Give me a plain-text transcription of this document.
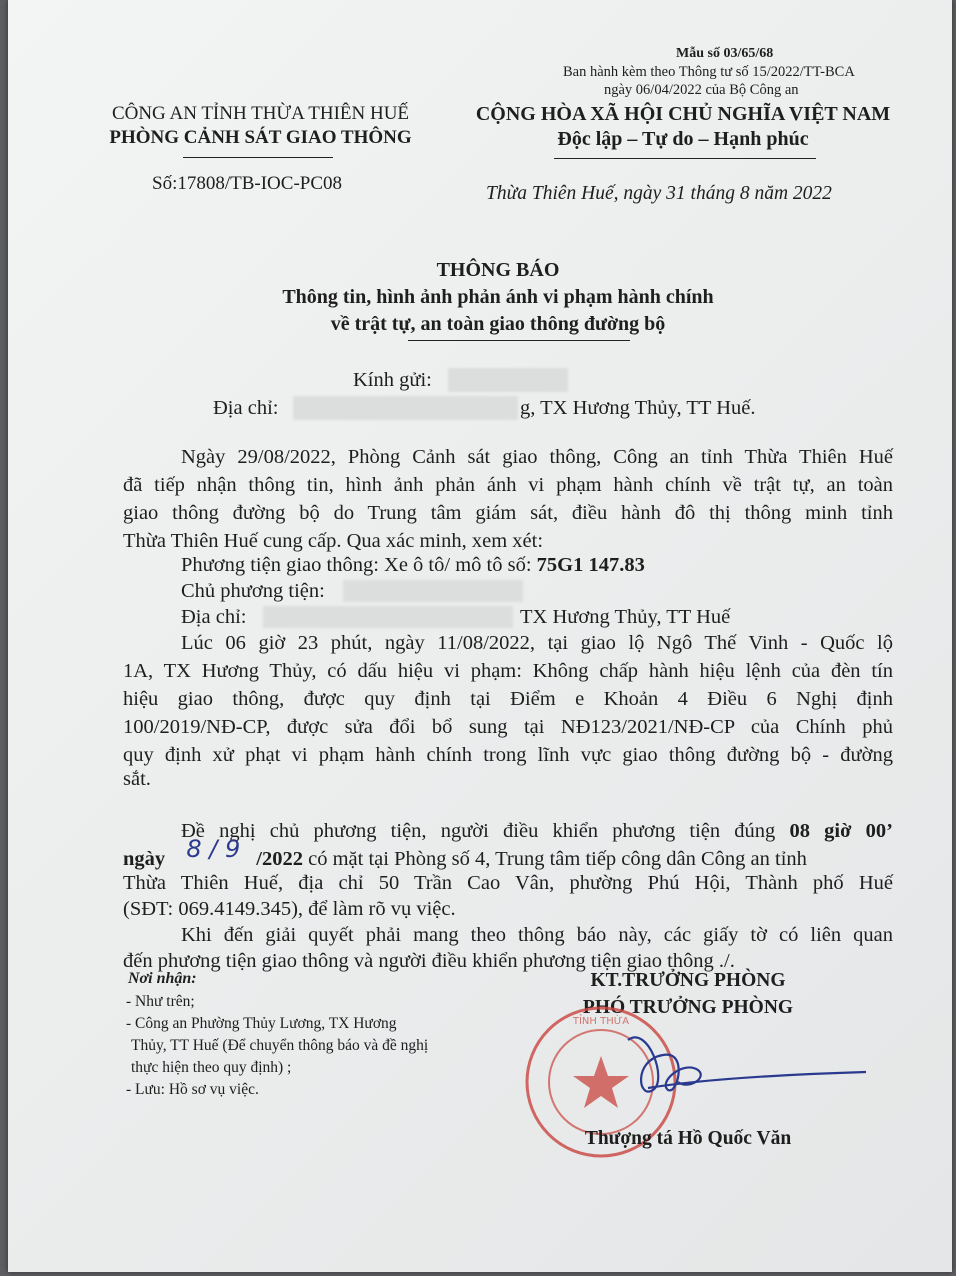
Mẫu số 03/65/68
Ban hành kèm theo Thông tư số 15/2022/TT-BCA
ngày 06/04/2022 của Bộ Công an
CÔNG AN TỈNH THỪA THIÊN HUẾ
PHÒNG CẢNH SÁT GIAO THÔNG
Số:17808/TB-IOC-PC08
CỘNG HÒA XÃ HỘI CHỦ NGHĨA VIỆT NAM
Độc lập – Tự do – Hạnh phúc
Thừa Thiên Huế, ngày 31 tháng 8 năm 2022
THÔNG BÁO
Thông tin, hình ảnh phản ánh vi phạm hành chính
về trật tự, an toàn giao thông đường bộ
Kính gửi:
Địa chỉ:	g, TX Hương Thủy, TT Huế.
Ngày 29/08/2022, Phòng Cảnh sát giao thông, Công an tỉnh Thừa Thiên Huế
đã tiếp nhận thông tin, hình ảnh phản ánh vi phạm hành chính về trật tự, an toàn
giao thông đường bộ do Trung tâm giám sát, điều hành đô thị thông minh tỉnh
Thừa Thiên Huế cung cấp. Qua xác minh, xem xét:
Phương tiện giao thông: Xe ô tô/ mô tô số: 75G1 147.83
Chủ phương tiện:
Địa chỉ:	TX Hương Thủy, TT Huế
Lúc 06 giờ 23 phút, ngày 11/08/2022, tại giao lộ Ngô Thế Vinh - Quốc lộ
1A, TX Hương Thủy, có dấu hiệu vi phạm: Không chấp hành hiệu lệnh của đèn tín
hiệu giao thông, được quy định tại Điểm e Khoản 4 Điều 6 Nghị định
100/2019/NĐ-CP, được sửa đổi bổ sung tại NĐ123/2021/NĐ-CP của Chính phủ
quy định xử phạt vi phạm hành chính trong lĩnh vực giao thông đường bộ - đường
sắt.
Đề nghị chủ phương tiện, người điều khiển phương tiện đúng 08 giờ 00’
ngày 8 / 9 /2022 có mặt tại Phòng số 4, Trung tâm tiếp công dân Công an tỉnh
Thừa Thiên Huế, địa chỉ 50 Trần Cao Vân, phường Phú Hội, Thành phố Huế
(SĐT: 069.4149.345), để làm rõ vụ việc.
Khi đến giải quyết phải mang theo thông báo này, các giấy tờ có liên quan
đến phương tiện giao thông và người điều khiển phương tiện giao thông ./.
Nơi nhận:
- Như trên;
- Công an Phường Thủy Lương, TX Hương
Thủy, TT Huế (Để chuyển thông báo và đề nghị
thực hiện theo quy định) ;
- Lưu: Hồ sơ vụ việc.
KT.TRƯỞNG PHÒNG
PHÓ TRƯỞNG PHÒNG
TỈNH THỪA
Thượng tá Hồ Quốc Văn
